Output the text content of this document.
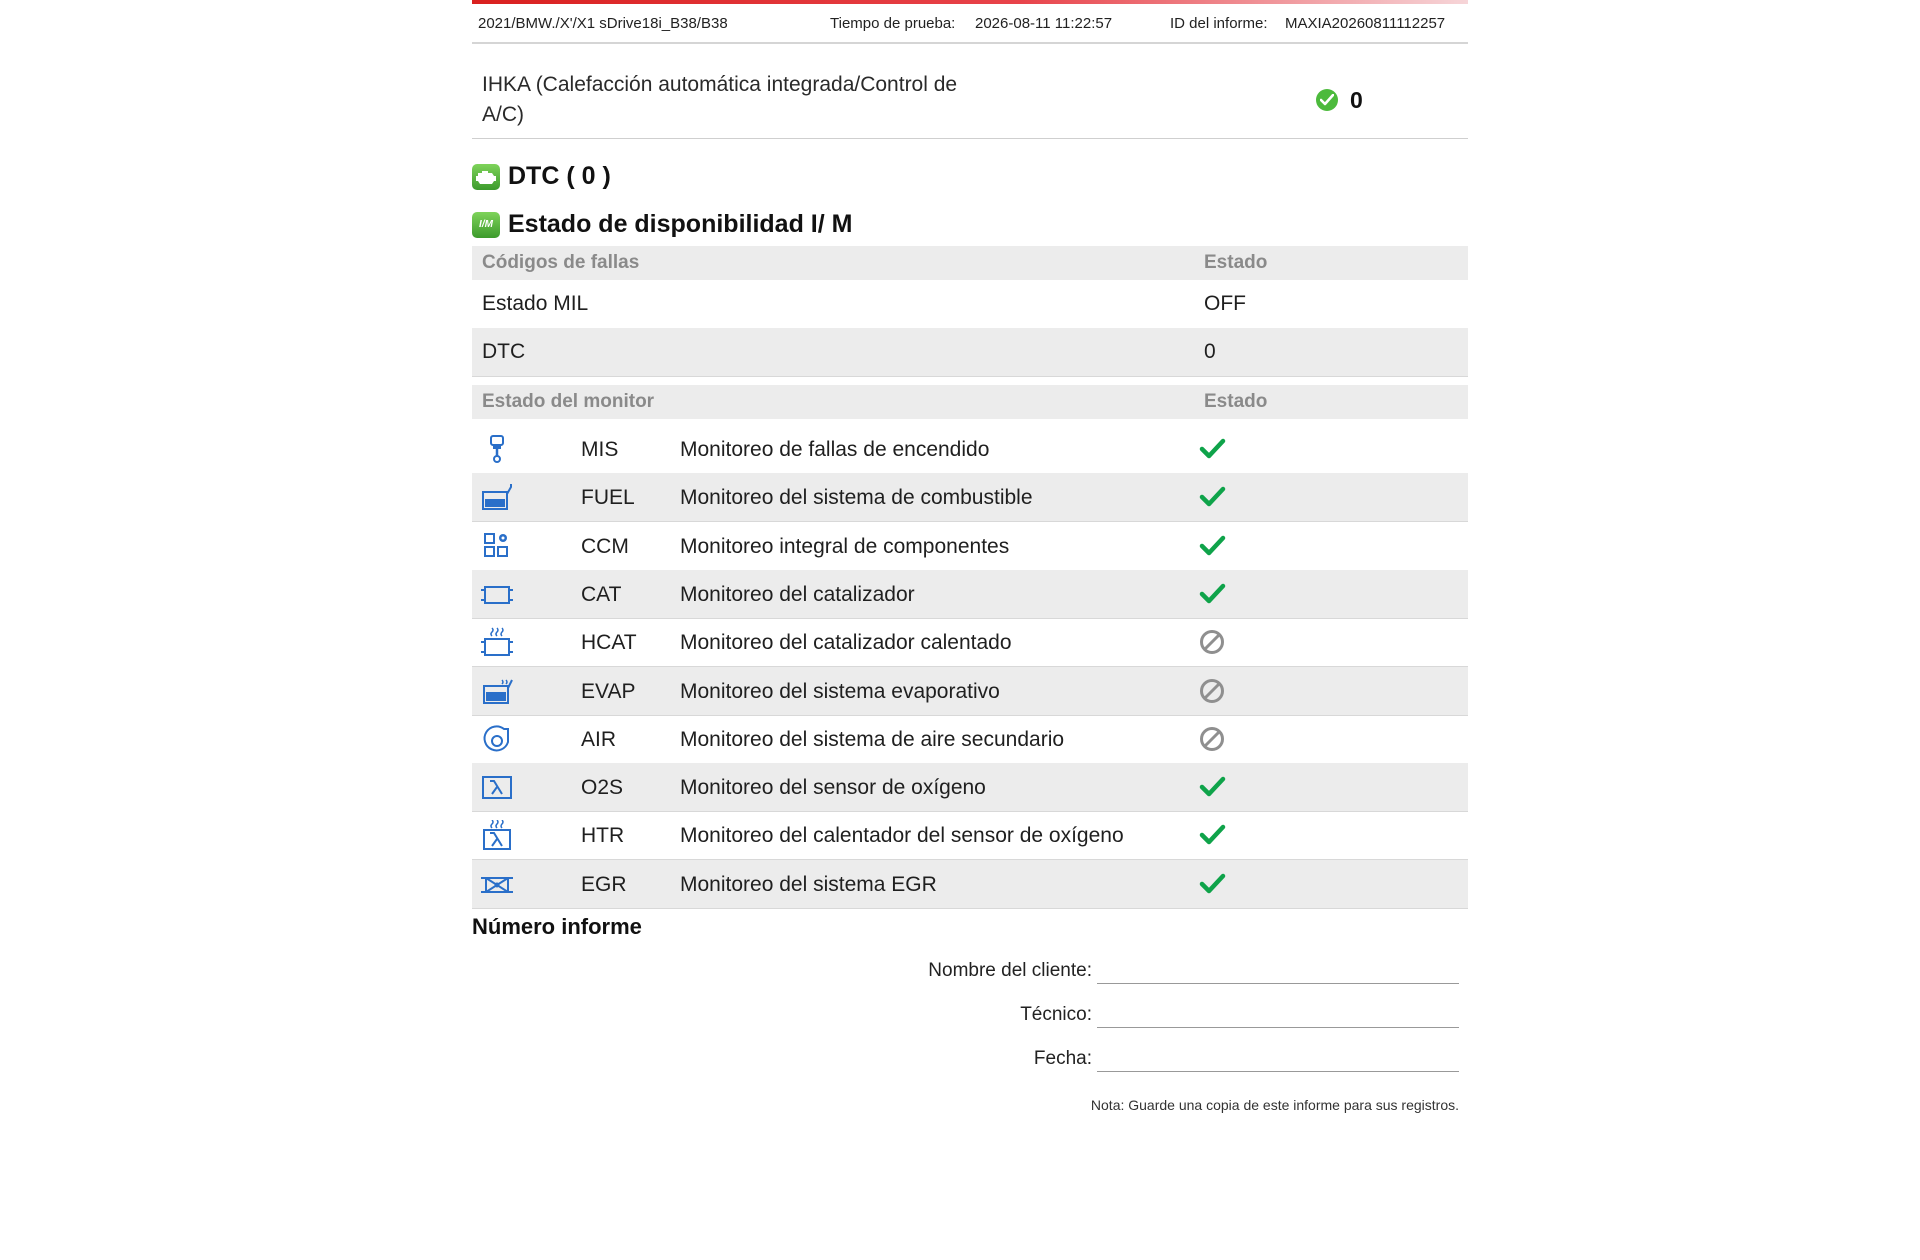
2021/BMW./X'/X1 sDrive18i_B38/B38	Tiempo de prueba: 2026-08-11 11:22:57	ID del informe: MAXIA20260811112257
IHKA (Calefacción automática integrada/Control de A/C)
0
DTC ( 0 )
I/M Estado de disponibilidad I/ M
Códigos de fallas	Estado
Estado MIL	OFF
DTC	0
Estado del monitor	Estado
MIS	Monitoreo de fallas de encendido
FUEL Monitoreo del sistema de combustible
CCM Monitoreo integral de componentes
CAT	Monitoreo del catalizador
HCAT Monitoreo del catalizador calentado
EVAP Monitoreo del sistema evaporativo
AIR	Monitoreo del sistema de aire secundario
O2S	Monitoreo del sensor de oxígeno
HTR	Monitoreo del calentador del sensor de oxígeno
EGR	Monitoreo del sistema EGR
Número informe
Nombre del cliente:
Técnico:
Fecha:
Nota: Guarde una copia de este informe para sus registros.
